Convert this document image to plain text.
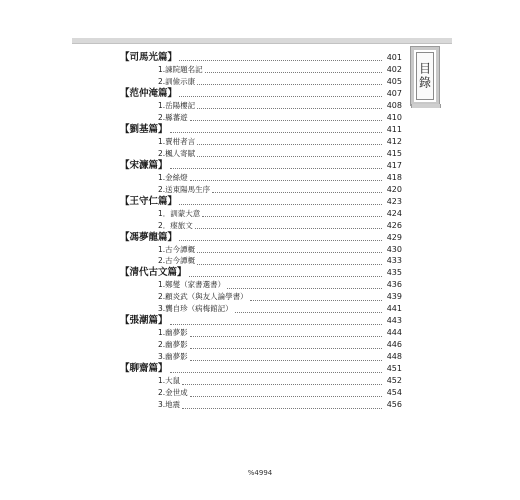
【司馬光篇】	401
1.諫院題名記	402
2.訓儉示康	405
【范仲淹篇】	407
1.岳陽樓記	408
2.縣蕃遊	410
【劉基篇】	411
1.賣柑者言	412
2.楓人寄賦	415
【宋濂篇】	417
1.金絲燈	418
2.送東陽馬生序	420
【王守仁篇】	423
1．訓蒙大意	424
2．瘞旅文	426
【馮夢龍篇】	429
1.古今譚概	430
2.古今譚概	433
【清代古文篇】	435
1.鄭燮（家書選書）	436
2.顧炎武（與友人論學書）	439
3.龔自珍（病梅館記）	441
【張潮篇】	443
1.幽夢影	444
2.幽夢影	446
3.幽夢影	448
【聊齋篇】	451
1.大鼠	452
2.金世成	454
3.地震	456
目錄
%4994
